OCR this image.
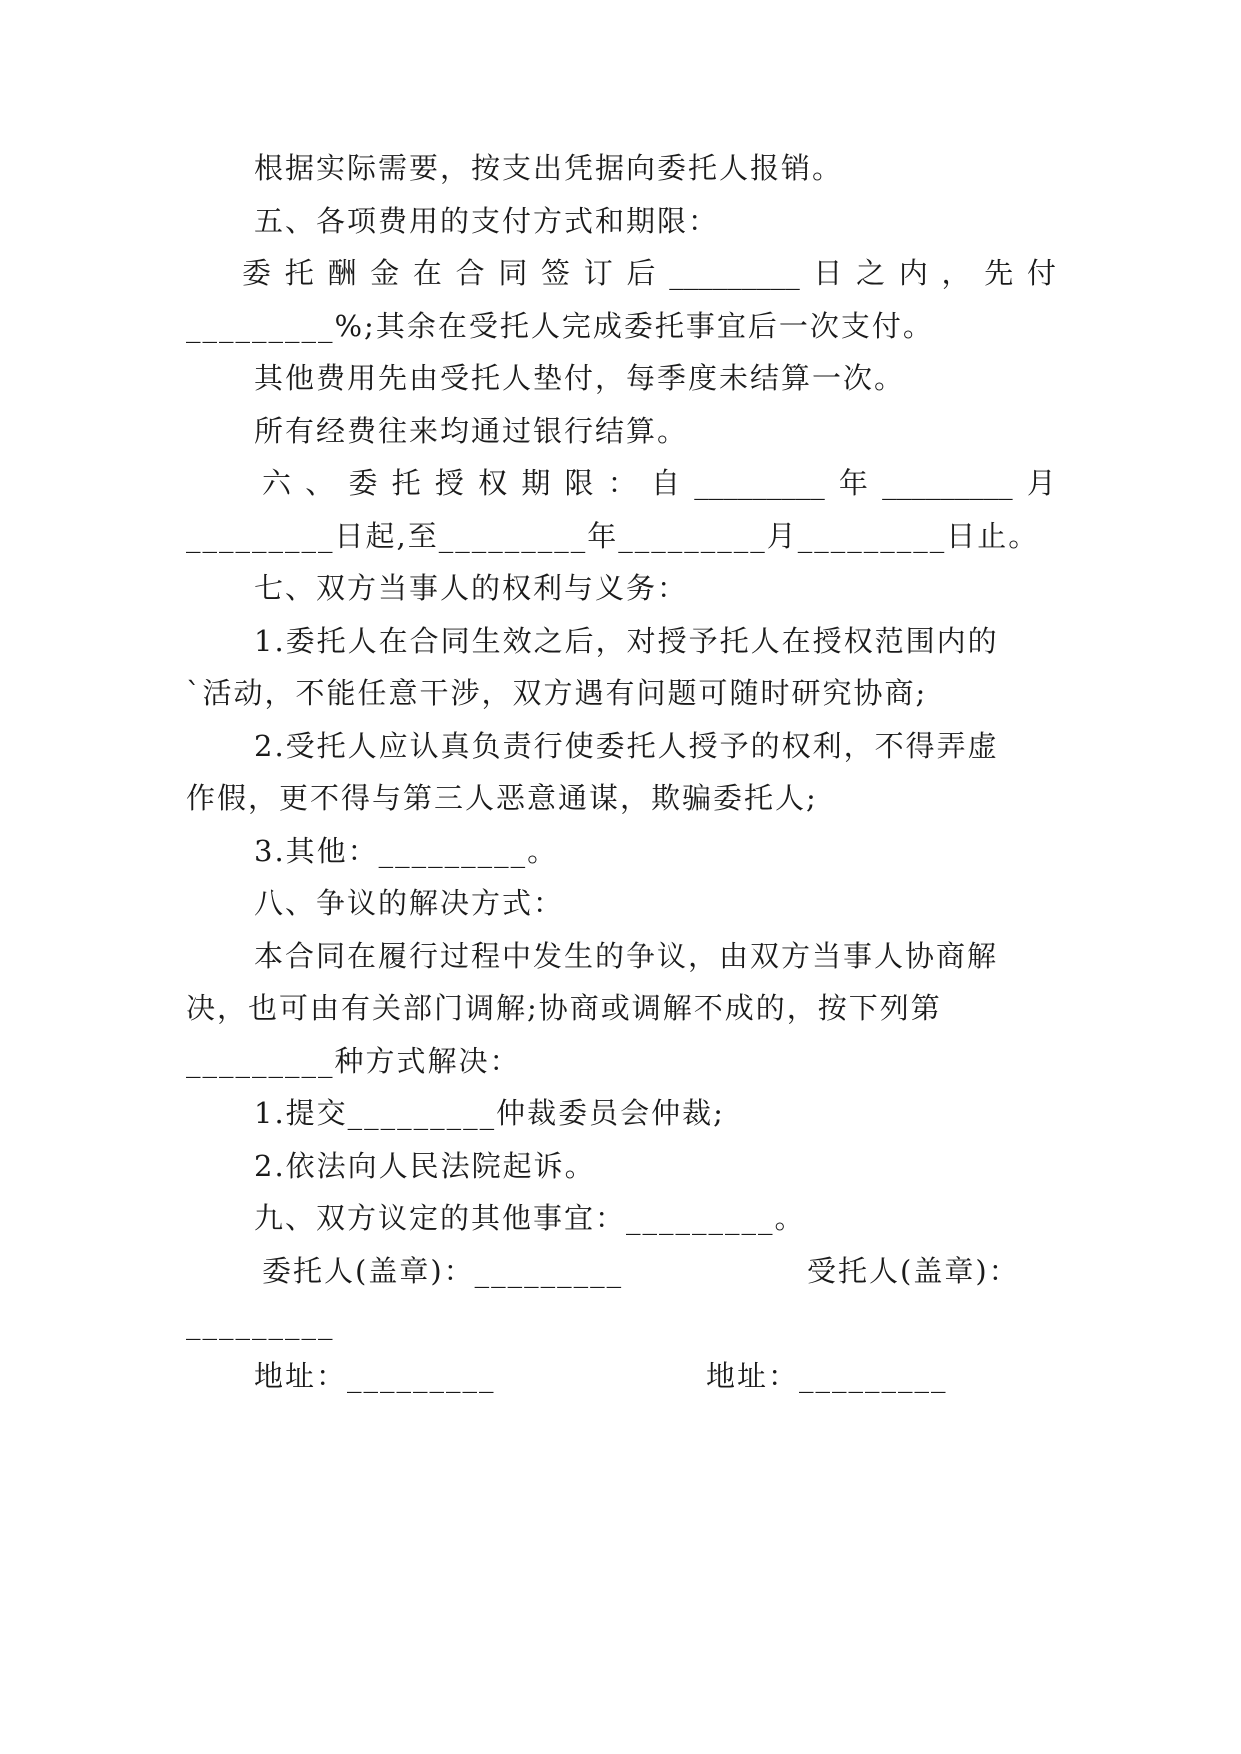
根据实际需要，按支出凭据向委托人报销。
五、各项费用的支付方式和期限：
委 托 酬 金 在 合 同 签 订 后 _________ 日 之 内 ， 先 付
_________%;其余在受托人完成委托事宜后一次支付。
其他费用先由受托人垫付，每季度未结算一次。
所有经费往来均通过银行结算。
六 、 委 托 授 权 期 限 ： 自 _________ 年 _________ 月
_________日起,至_________年_________月_________日止。
七、双方当事人的权利与义务：
1.委托人在合同生效之后，对授予托人在授权范围内的
`活动，不能任意干涉，双方遇有问题可随时研究协商;
2.受托人应认真负责行使委托人授予的权利，不得弄虚
作假，更不得与第三人恶意通谋，欺骗委托人;
3.其他：_________。
八、争议的解决方式：
本合同在履行过程中发生的争议，由双方当事人协商解
决，也可由有关部门调解;协商或调解不成的，按下列第
_________种方式解决：
1.提交_________仲裁委员会仲裁;
2.依法向人民法院起诉。
九、双方议定的其他事宜：_________。
委托人(盖章)：_________	受托人(盖章)：
_________
地址：_________	地址：_________
